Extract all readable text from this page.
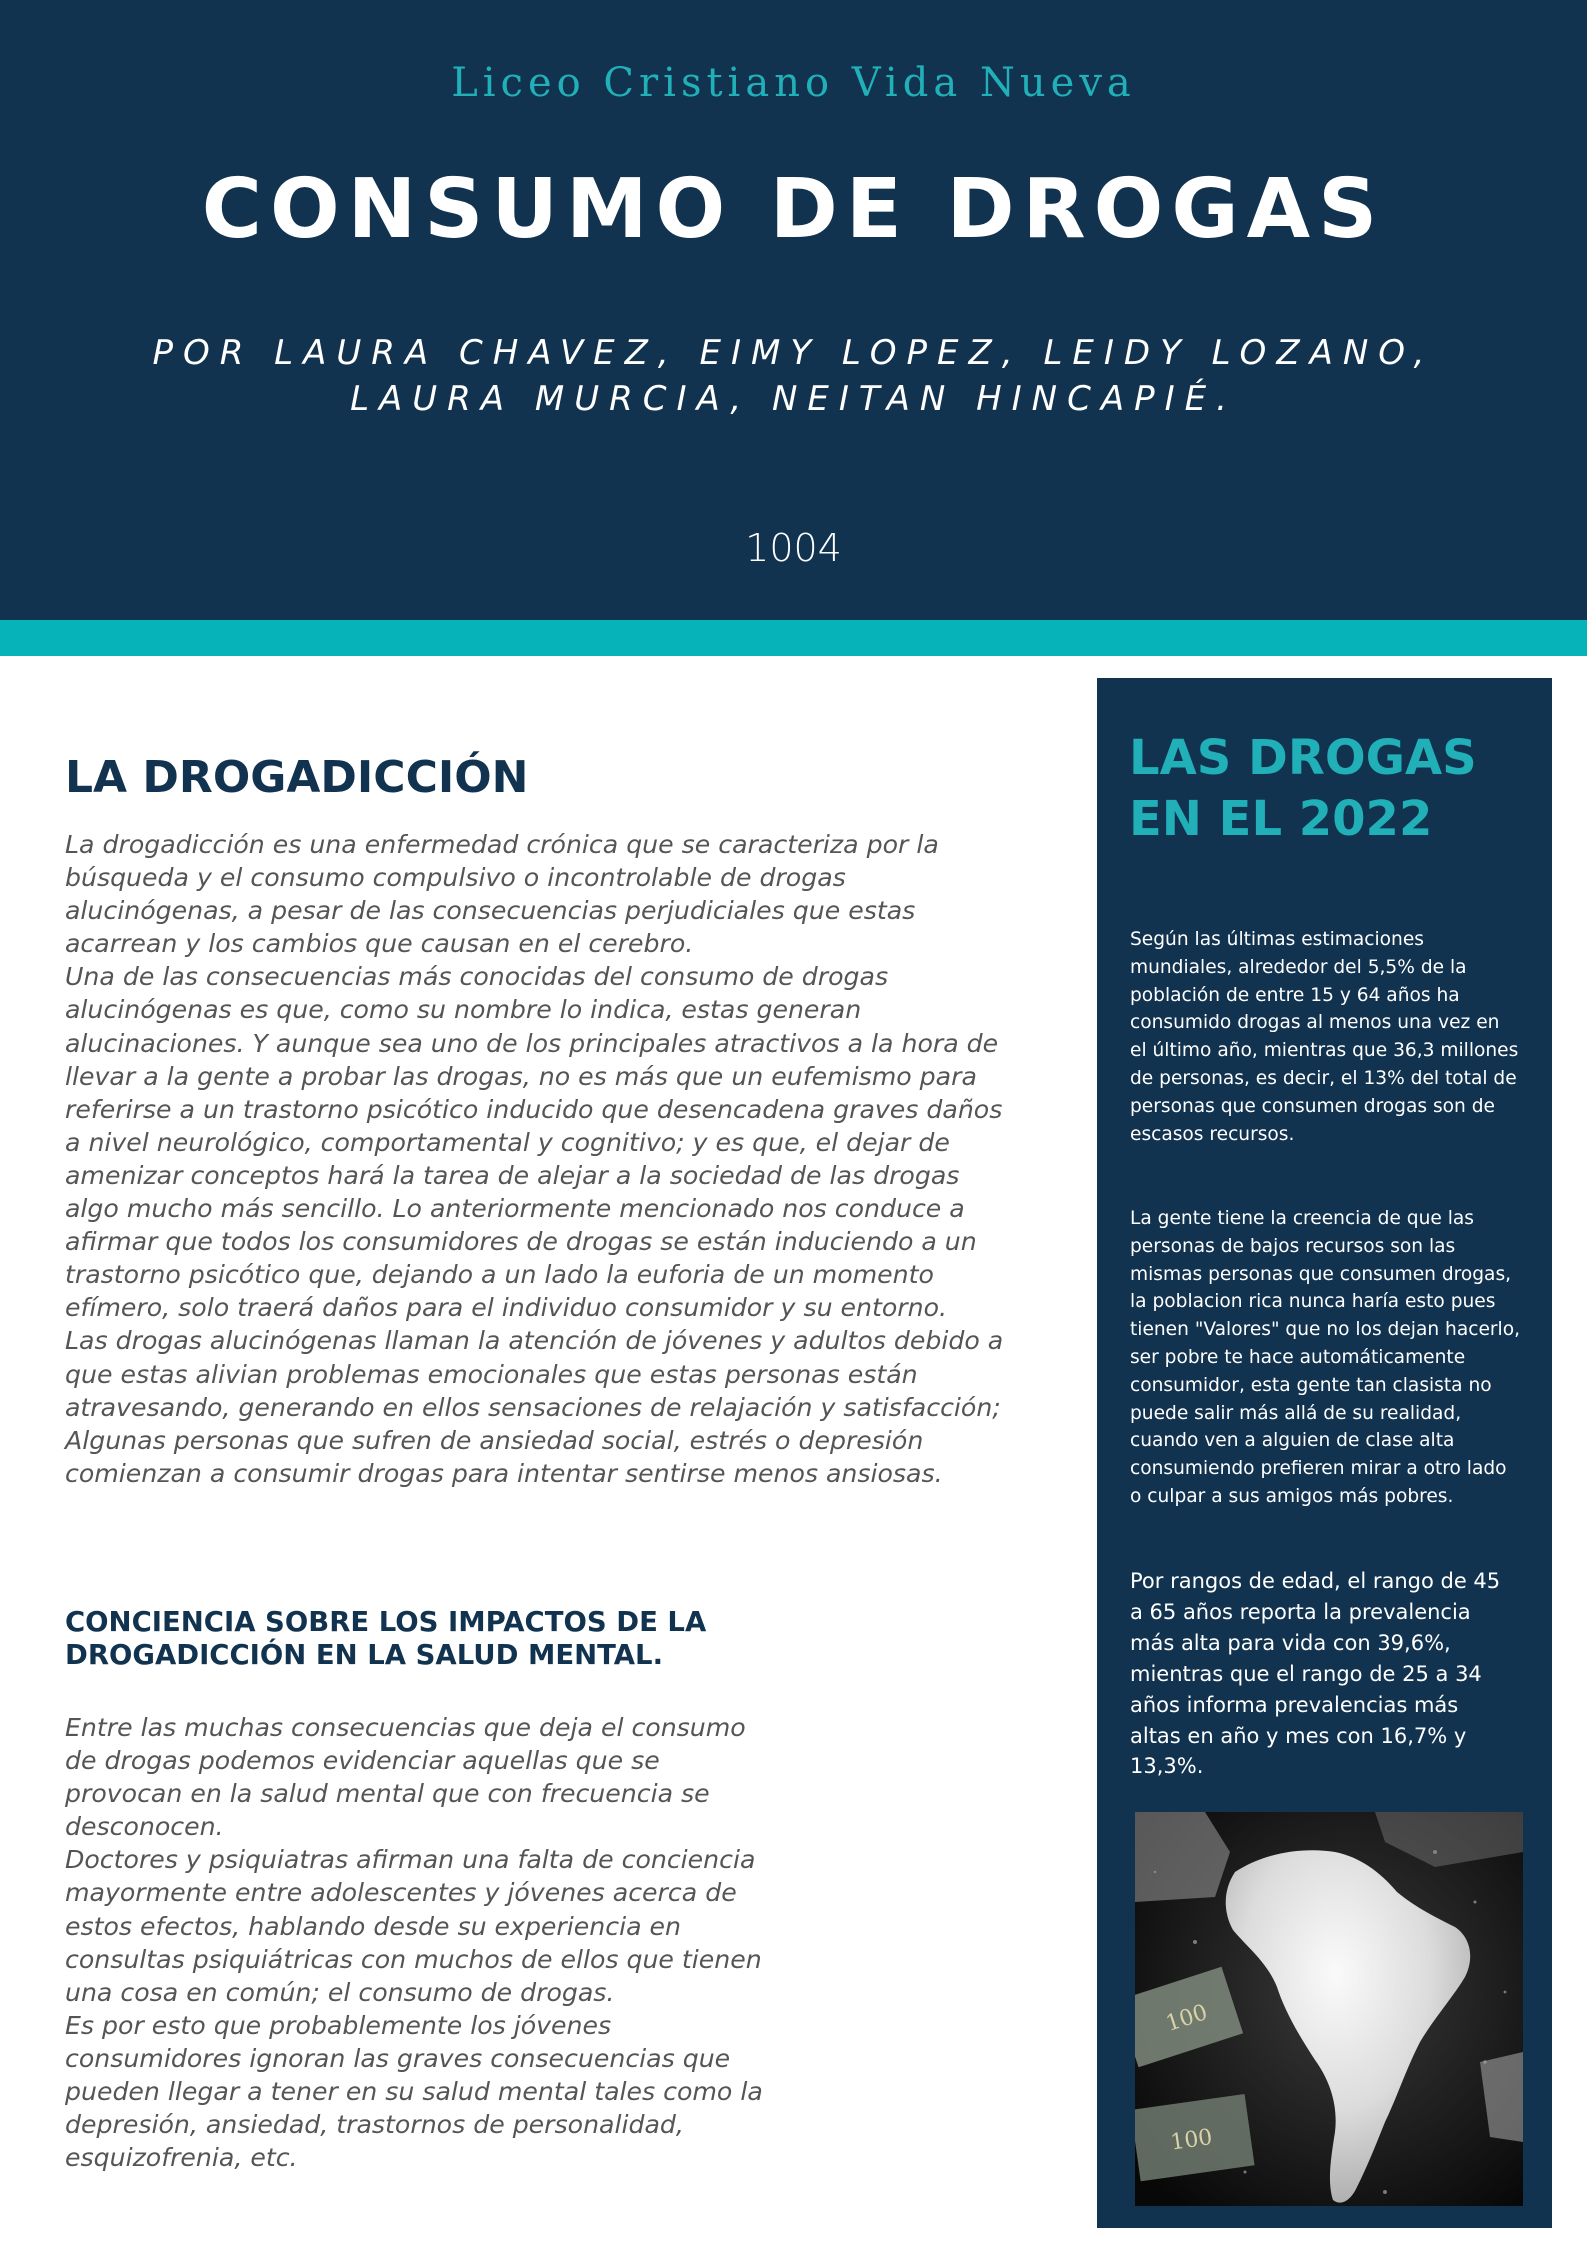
Liceo Cristiano Vida Nueva
CONSUMO DE DROGAS
POR LAURA CHAVEZ, EIMY LOPEZ, LEIDY LOZANO,
LAURA MURCIA, NEITAN HINCAPIÉ.
1004
LA DROGADICCIÓN

La drogadicción es una enfermedad crónica que se caracteriza por la búsqueda y el consumo compulsivo o incontrolable de drogas alucinógenas, a pesar de las consecuencias perjudiciales que estas acarrean y los cambios que causan en el cerebro.
Una de las consecuencias más conocidas del consumo de drogas alucinógenas es que, como su nombre lo indica, estas generan alucinaciones. Y aunque sea uno de los principales atractivos a la hora de llevar a la gente a probar las drogas, no es más que un eufemismo para referirse a un trastorno psicótico inducido que desencadena graves daños a nivel neurológico, comportamental y cognitivo; y es que, el dejar de amenizar conceptos hará la tarea de alejar a la sociedad de las drogas algo mucho más sencillo. Lo anteriormente mencionado nos conduce a afirmar que todos los consumidores de drogas se están induciendo a un trastorno psicótico que, dejando a un lado la euforia de un momento efímero, solo traerá daños para el individuo consumidor y su entorno.
Las drogas alucinógenas llaman la atención de jóvenes y adultos debido a que estas alivian problemas emocionales que estas personas están atravesando, generando en ellos sensaciones de relajación y satisfacción; Algunas personas que sufren de ansiedad social, estrés o depresión comienzan a consumir drogas para intentar sentirse menos ansiosas.

CONCIENCIA SOBRE LOS IMPACTOS DE LA DROGADICCIÓN EN LA SALUD MENTAL.

Entre las muchas consecuencias que deja el consumo de drogas podemos evidenciar aquellas que se provocan en la salud mental que con frecuencia se desconocen.
Doctores y psiquiatras afirman una falta de conciencia mayormente entre adolescentes y jóvenes acerca de estos efectos, hablando desde su experiencia en consultas psiquiátricas con muchos de ellos que tienen una cosa en común; el consumo de drogas.
Es por esto que probablemente los jóvenes consumidores ignoran las graves consecuencias que pueden llegar a tener en su salud mental tales como la depresión, ansiedad, trastornos de personalidad, esquizofrenia, etc.

LAS DROGAS EN EL 2022

Según las últimas estimaciones mundiales, alrededor del 5,5% de la población de entre 15 y 64 años ha consumido drogas al menos una vez en el último año, mientras que 36,3 millones de personas, es decir, el 13% del total de personas que consumen drogas son de escasos recursos.

La gente tiene la creencia de que las personas de bajos recursos son las mismas personas que consumen drogas, la poblacion rica nunca haría esto pues tienen "Valores" que no los dejan hacerlo, ser pobre te hace automáticamente consumidor, esta gente tan clasista no puede salir más allá de su realidad, cuando ven a alguien de clase alta consumiendo prefieren mirar a otro lado o culpar a sus amigos más pobres.

Por rangos de edad, el rango de 45 a 65 años reporta la prevalencia más alta para vida con 39,6%, mientras que el rango de 25 a 34 años informa prevalencias más altas en año y mes con 16,7% y 13,3%.

100
100
